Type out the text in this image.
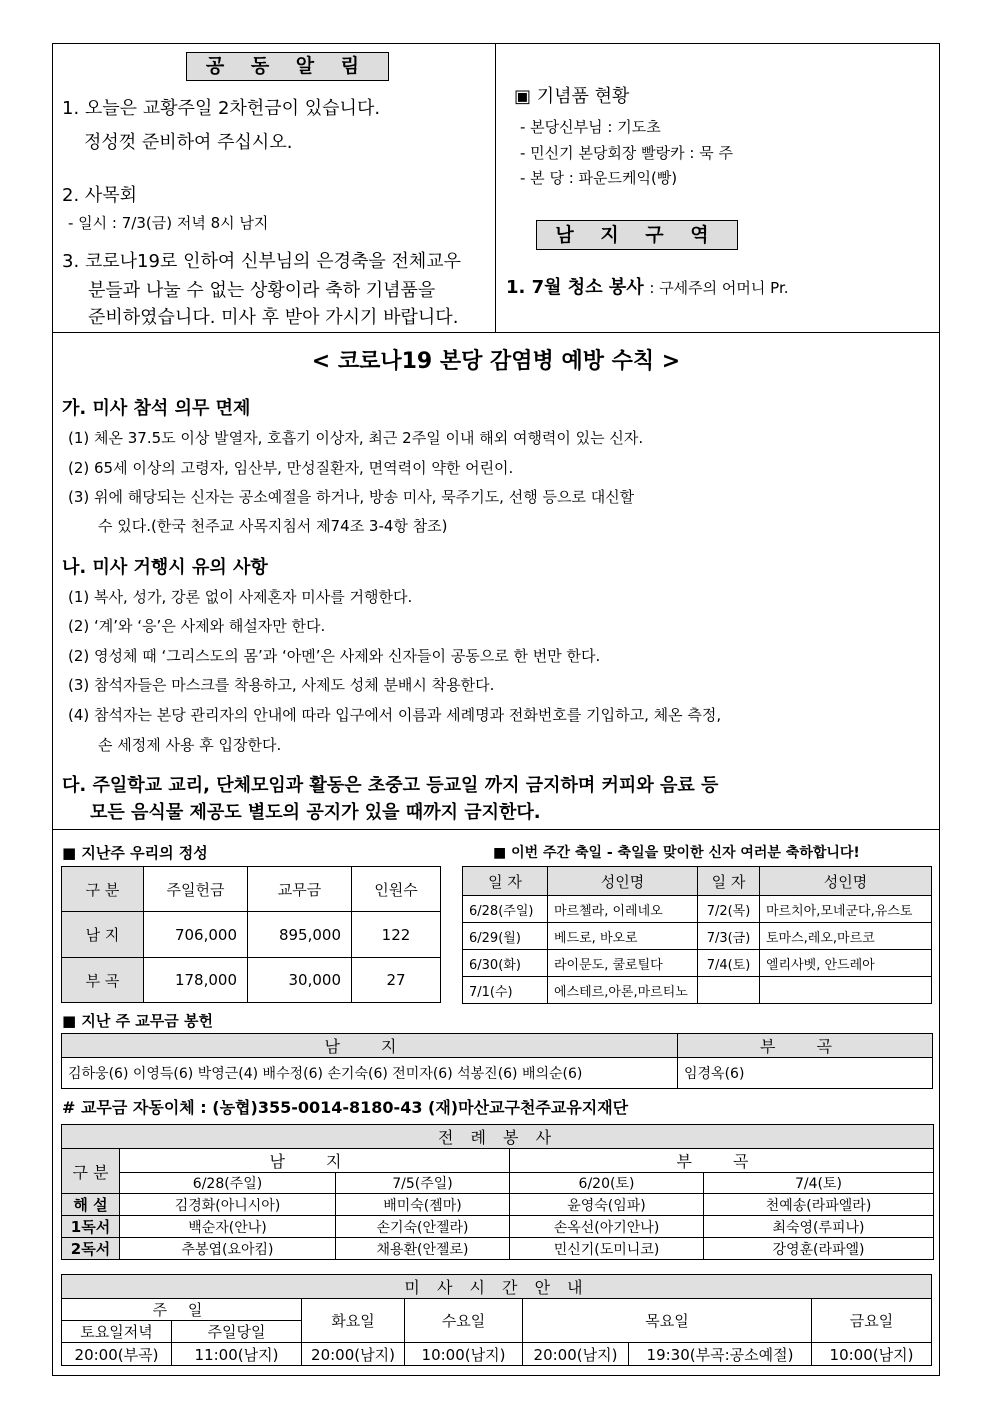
공 동 알 림
1. 오늘은 교황주일 2차헌금이 있습니다.
정성껏 준비하여 주십시오.
2. 사목회
- 일시 : 7/3(금) 저녁 8시 남지
3. 코로나19로 인하여 신부님의 은경축을 전체교우
분들과 나눌 수 없는 상황이라 축하 기념품을
준비하였습니다. 미사 후 받아 가시기 바랍니다.
▣ 기념품 현황
- 본당신부님 : 기도초
- 민신기 본당회장 빨랑카 : 묵 주
- 본 당 : 파운드케익(빵)
남 지 구 역
1. 7월 청소 봉사 : 구세주의 어머니 Pr.
< 코로나19 본당 감염병 예방 수칙 >
가. 미사 참석 의무 면제
(1) 체온 37.5도 이상 발열자, 호흡기 이상자, 최근 2주일 이내 해외 여행력이 있는 신자.
(2) 65세 이상의 고령자, 임산부, 만성질환자, 면역력이 약한 어린이.
(3) 위에 해당되는 신자는 공소예절을 하거나, 방송 미사, 묵주기도, 선행 등으로 대신할
수 있다.(한국 천주교 사목지침서 제74조 3-4항 참조)
나. 미사 거행시 유의 사항
(1) 복사, 성가, 강론 없이 사제혼자 미사를 거행한다.
(2) ‘계’와 ‘응’은 사제와 해설자만 한다.
(2) 영성체 때 ‘그리스도의 몸’과 ‘아멘’은 사제와 신자들이 공동으로 한 번만 한다.
(3) 참석자들은 마스크를 착용하고, 사제도 성체 분배시 착용한다.
(4) 참석자는 본당 관리자의 안내에 따라 입구에서 이름과 세례명과 전화번호를 기입하고, 체온 측정,
손 세정제 사용 후 입장한다.
다. 주일학교 교리, 단체모임과 활동은 초중고 등교일 까지 금지하며 커피와 음료 등
모든 음식물 제공도 별도의 공지가 있을 때까지 금지한다.
■ 지난주 우리의 정성
구 분	주일헌금	교무금	인원수
남 지	706,000	895,000	122
부 곡	178,000	30,000	27
■ 이번 주간 축일 - 축일을 맞이한 신자 여러분 축하합니다!
일 자	성인명	일 자	성인명
6/28(주일)	마르첼라, 이레네오	7/2(목)	마르치아,모네군다,유스토
6/29(월)	베드로, 바오로	7/3(금)	토마스,레오,마르코
6/30(화)	라이문도, 쿨로틸다	7/4(토)	엘리사벳, 안드레아
7/1(수)	에스테르,아론,마르티노		
■ 지난 주 교무금 봉헌
남 지	부 곡
김하웅(6) 이영득(6) 박영근(4) 배수정(6) 손기숙(6) 전미자(6) 석봉진(6) 배의순(6)	임경옥(6)
# 교무금 자동이체 : (농협)355-0014-8180-43 (재)마산교구천주교유지재단
전 례 봉 사				
구 분	남 지		부 곡	
	6/28(주일)	7/5(주일)	6/20(토)	7/4(토)
해 설	김경화(아니시아)	배미숙(젬마)	윤영숙(임파)	천예송(라파엘라)
1독서	백순자(안나)	손기숙(안젤라)	손옥선(아기안나)	최숙영(루피나)
2독서	추봉엽(요아킴)	채용환(안젤로)	민신기(도미니코)	강영훈(라파엘)
미 사 시 간 안 내						
주 일		화요일	수요일	목요일		금요일
토요일저녁	주일당일					
20:00(부곡)	11:00(남지)	20:00(남지)	10:00(남지)	20:00(남지)	19:30(부곡:공소예절)	10:00(남지)
